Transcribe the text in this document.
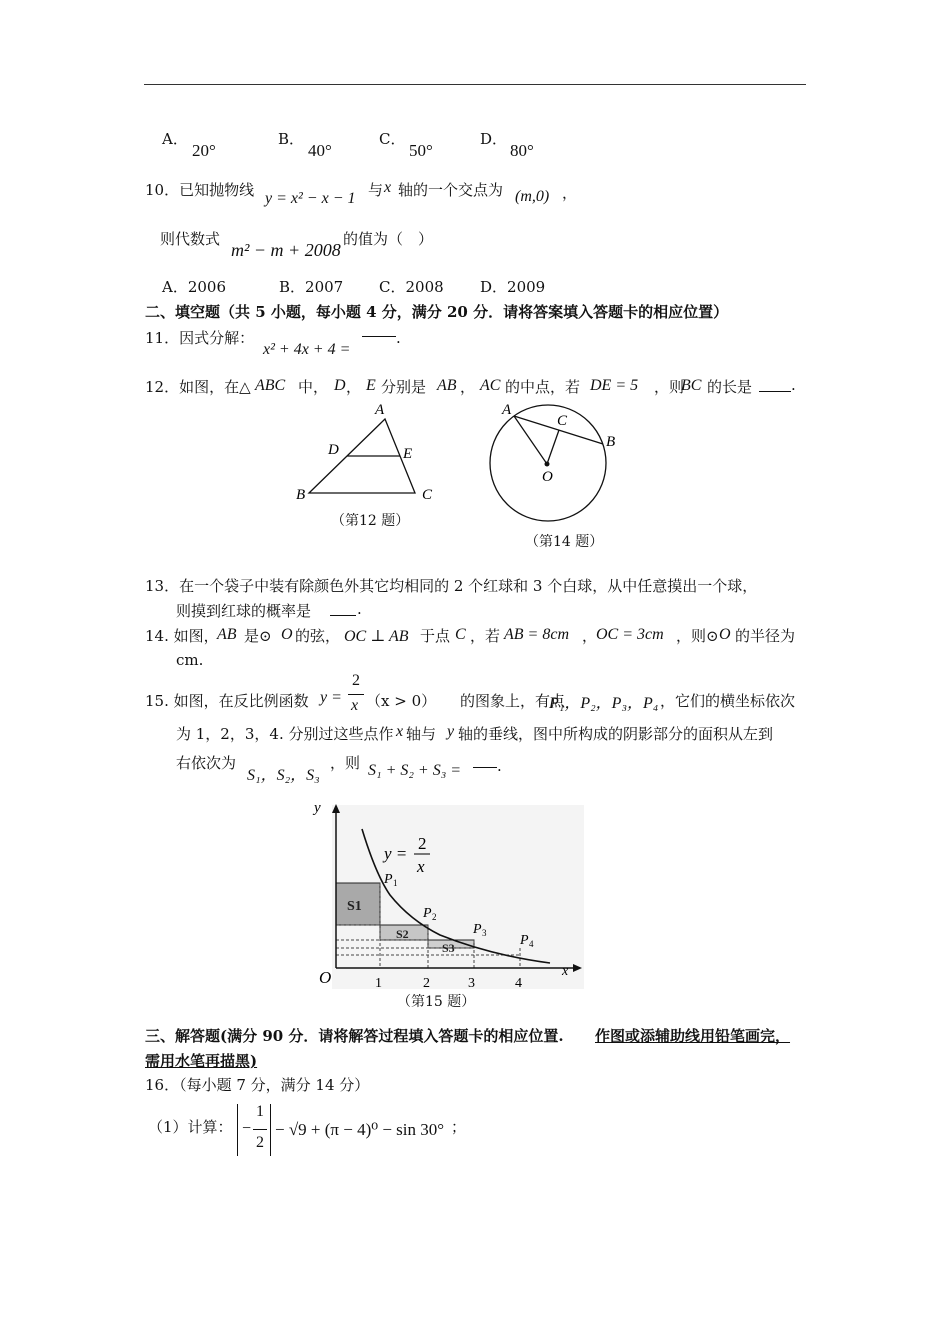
A．
20°
B．
40°
C．
50°
D．
80°
10．已知抛物线 y = x² − x − 1 与 x 轴的一个交点为 (m,0) ，
则代数式
m² − m + 2008
的值为（　）
A．2006	B．2007 C．2008 D．2009
二、填空题（共 5 小题，每小题 4 分，满分 20 分．请将答案填入答题卡的相应位置）
11．因式分解：
x² + 4x + 4 =
.
12．如图，在△ ABC 中， D ， E 分别是 AB ， AC 的中点，若 DE = 5 ，则
BC 的长是	.
A
D	E
B	C
（第12 题）
A
C
B
O
（第14 题）
13．在一个袋子中装有除颜色外其它均相同的 2 个红球和 3 个白球，从中任意摸出一个球，
则摸到红球的概率是	.
14. 如图，
AB 是⊙ O 的弦， OC ⊥ AB 于点 C ，若 AB = 8cm ，
OC = 3cm ，则⊙ O 的半径为
cm.
15. 如图，在反比例函数 y =
2
x （x > 0） 的图象上，有点
P₁，P₂，P₃，P₄ ，它们的横坐标依次
为 1，2，3，4. 分别过这些点作 x 轴与 y 轴的垂线，图中所构成的阴影部分的面积从左到
右依次为
S₁，S₂，S₃
，则 S₁ + S₂ + S₃ = .
y
x
O	1	2	3	4
y =
2
x
P 1
P 2
P 3 P 4
S1
S2
S3
（第15 题）
三、解答题(满分 90 分．请将解答过程填入答题卡的相应位置. 作图或添辅助线用铅笔画完，
需用水笔再描黑)
16．（每小题 7 分，满分 14 分）
（1）计算： −
1
2
− √9 + (π − 4)⁰ − sin 30° ；
